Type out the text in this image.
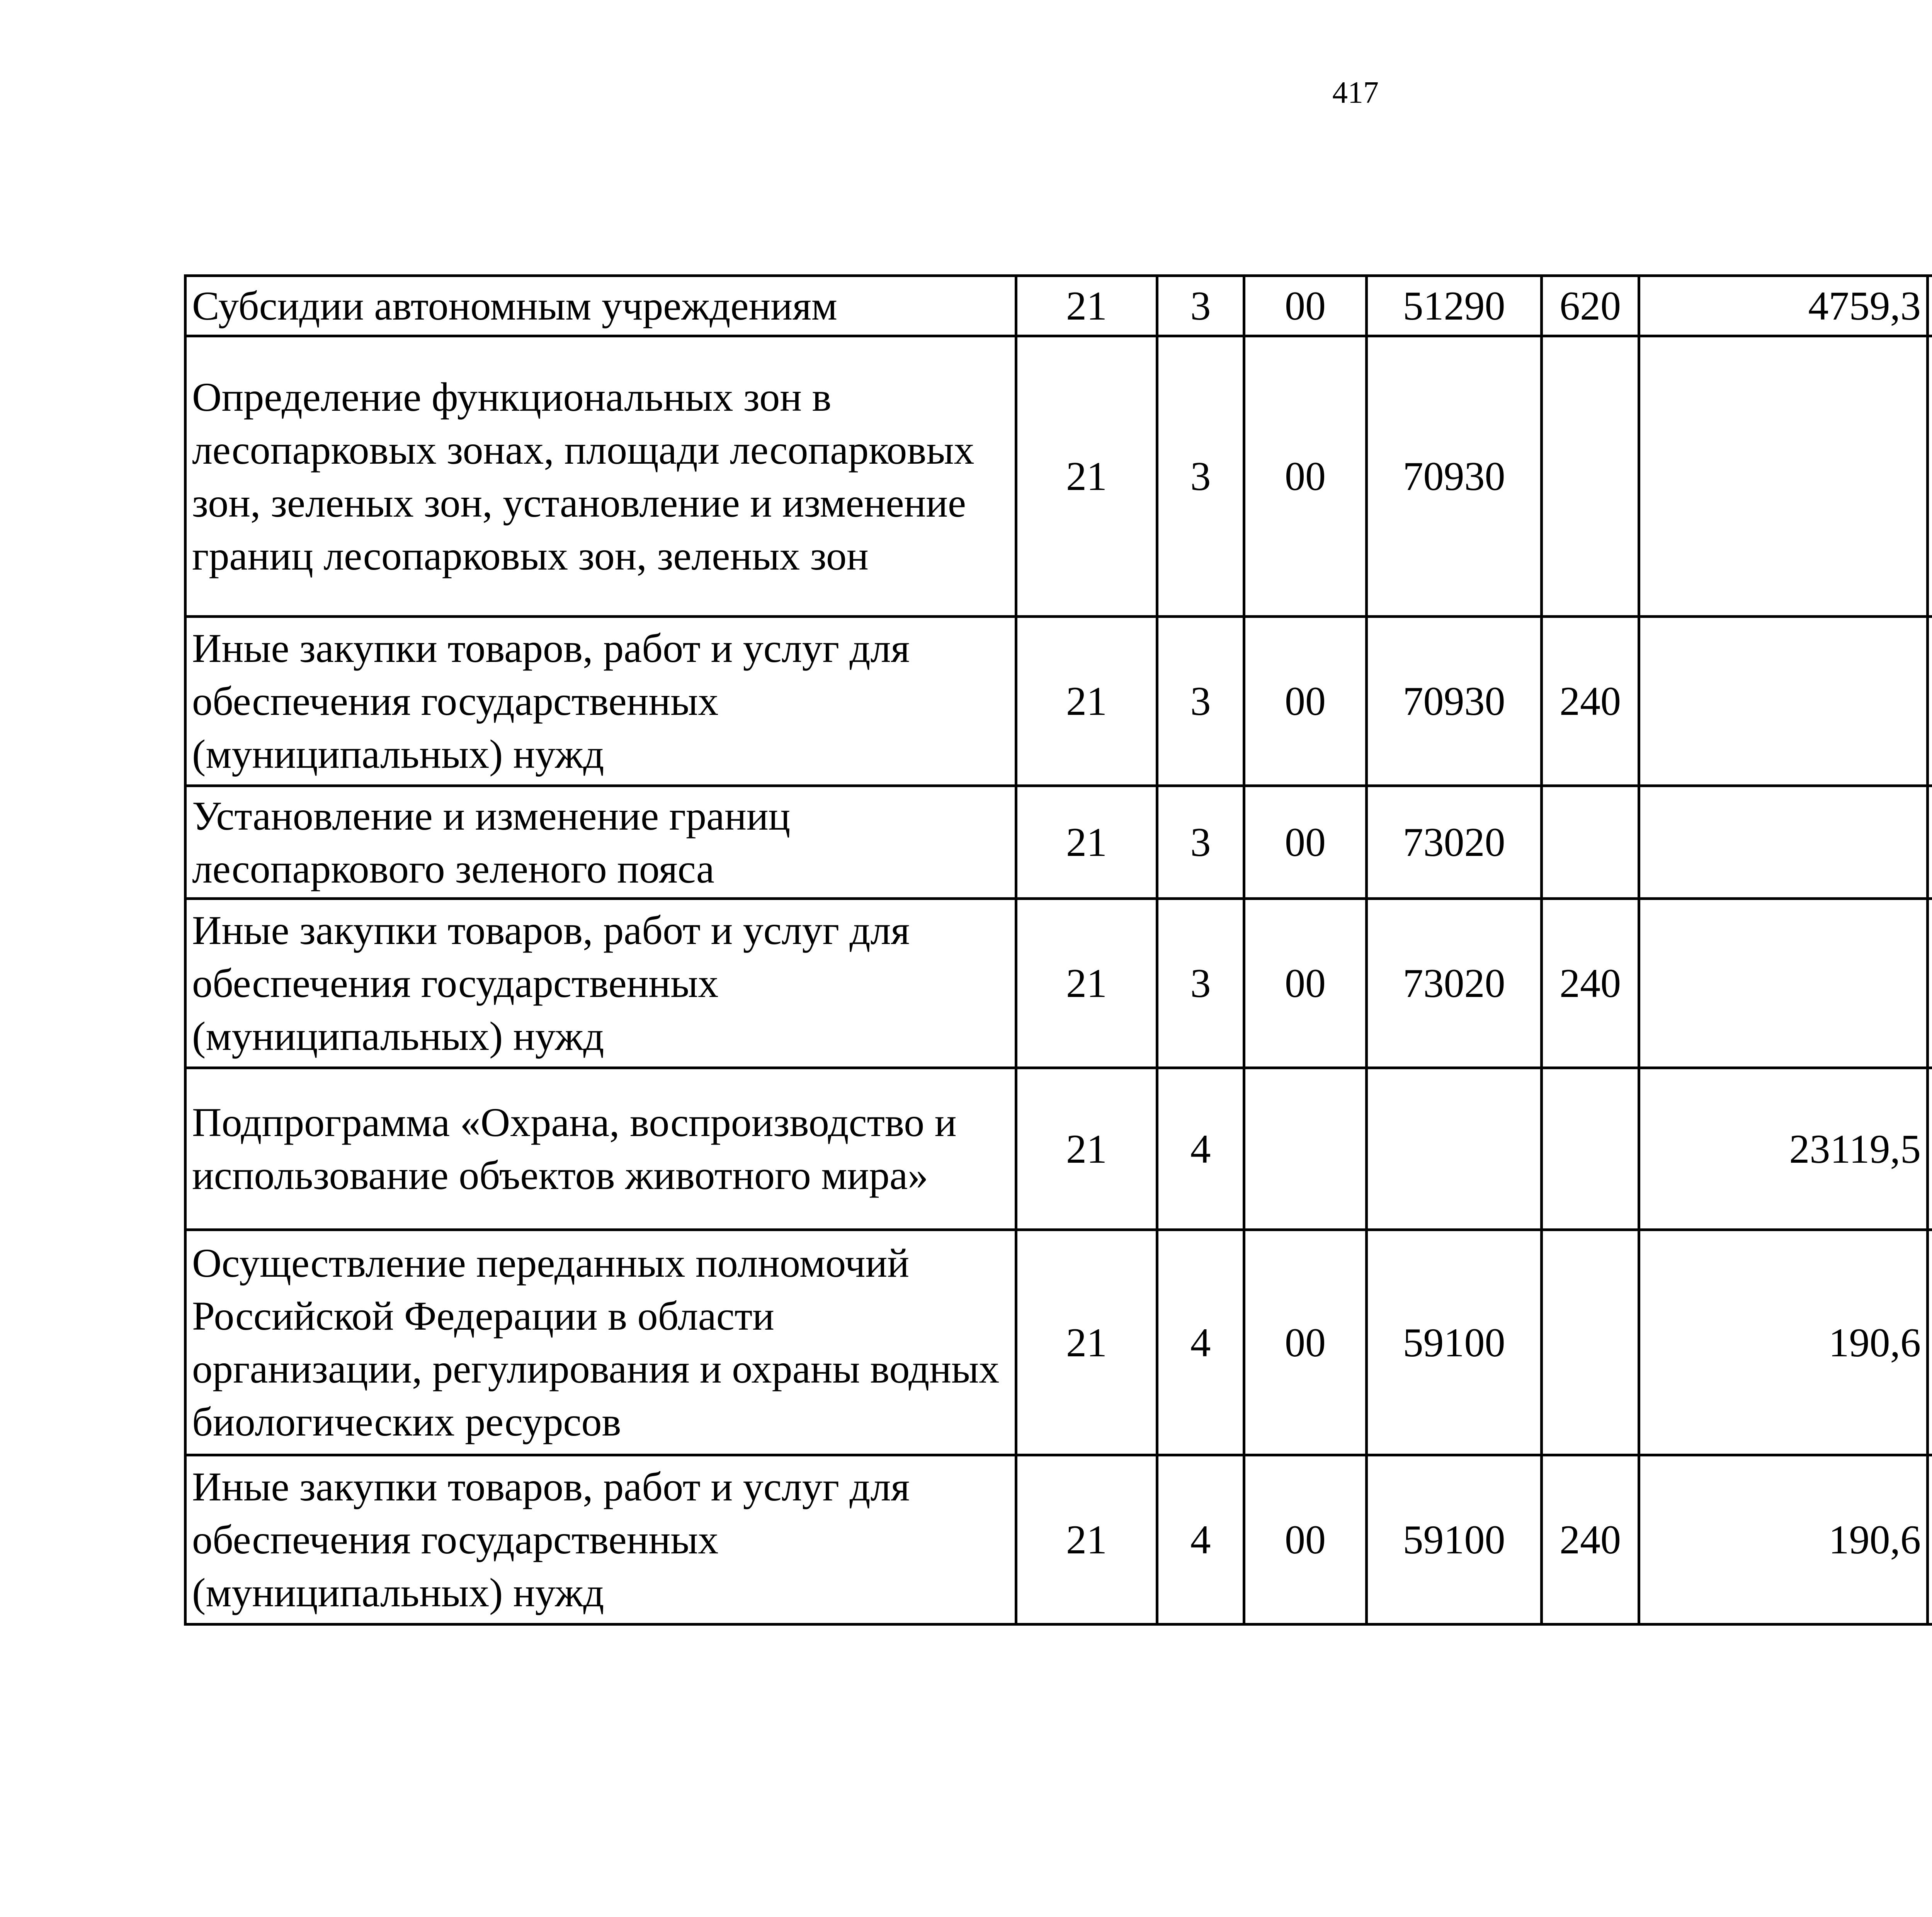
417
Субсидии автономным учреждениям	21	3	00	51290	620	4759,3		
Определение функциональных зон в лесопарковых зонах, площади лесопарковых зон, зеленых зон, установление и изменение границ лесопарковых зон, зеленых зон	21	3	00	70930				
Иные закупки товаров, работ и услуг для обеспечения государственных (муниципальных) нужд	21	3	00	70930	240			
Установление и изменение границ лесопаркового зеленого пояса	21	3	00	73020				
Иные закупки товаров, работ и услуг для обеспечения государственных (муниципальных) нужд	21	3	00	73020	240			
Подпрограмма «Охрана, воспроизводство и использование объектов животного мира»	21	4				23119,5		
Осуществление переданных полномочий Российской Федерации в области организации, регулирования и охраны водных биологических ресурсов	21	4	00	59100		190,6		
Иные закупки товаров, работ и услуг для обеспечения государственных (муниципальных) нужд	21	4	00	59100	240	190,6		
